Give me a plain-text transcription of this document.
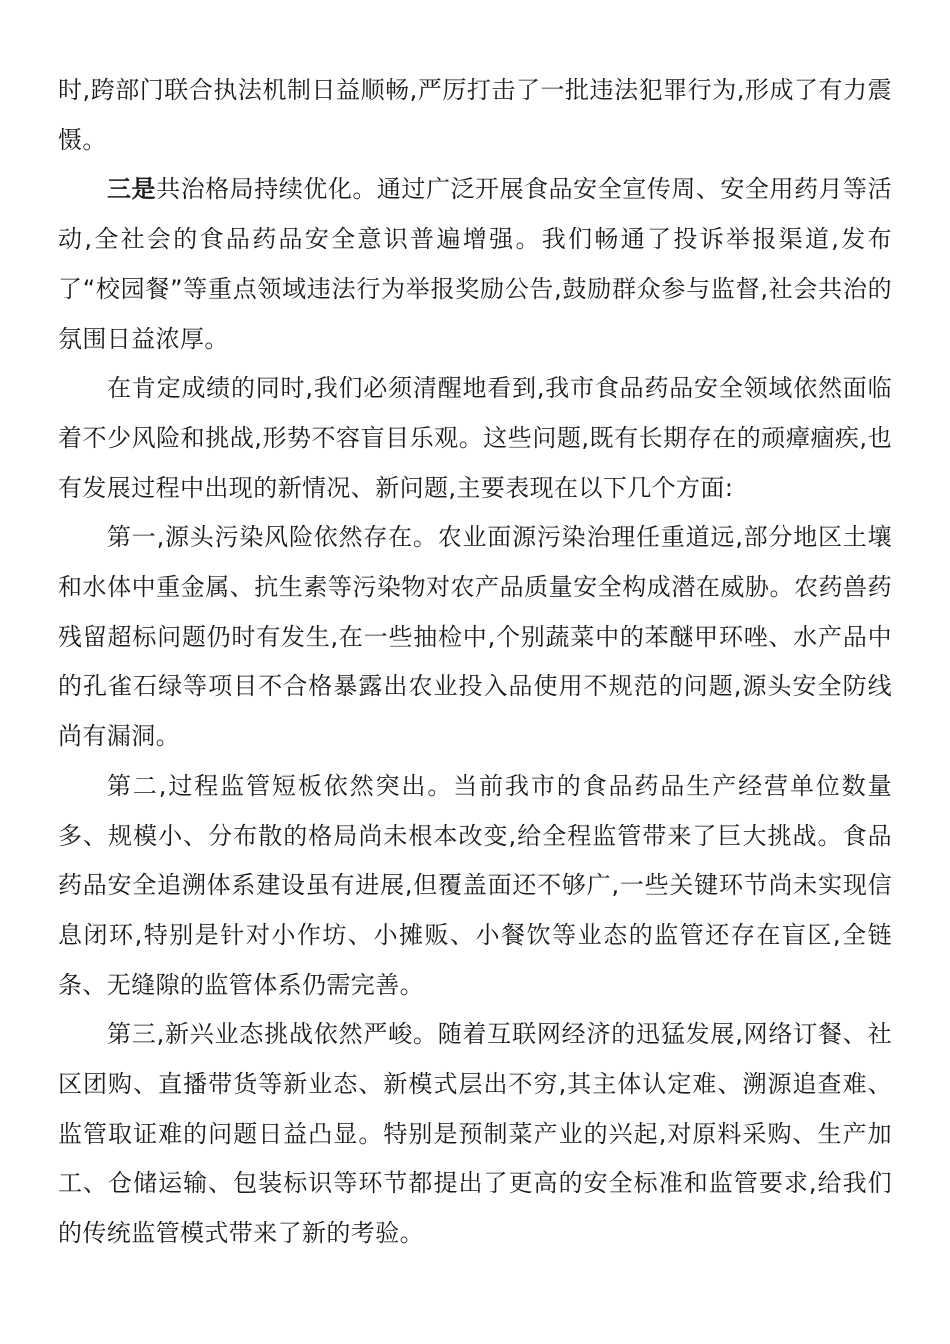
时,跨部门联合执法机制日益顺畅,严厉打击了一批违法犯罪行为,形成了有力震慑。

三是共治格局持续优化。通过广泛开展食品安全宣传周、安全用药月等活动,全社会的食品药品安全意识普遍增强。我们畅通了投诉举报渠道,发布了“校园餐”等重点领域违法行为举报奖励公告,鼓励群众参与监督,社会共治的氛围日益浓厚。

在肯定成绩的同时,我们必须清醒地看到,我市食品药品安全领域依然面临着不少风险和挑战,形势不容盲目乐观。这些问题,既有长期存在的顽瘴痼疾,也有发展过程中出现的新情况、新问题,主要表现在以下几个方面:

第一,源头污染风险依然存在。农业面源污染治理任重道远,部分地区土壤和水体中重金属、抗生素等污染物对农产品质量安全构成潜在威胁。农药兽药残留超标问题仍时有发生,在一些抽检中,个别蔬菜中的苯醚甲环唑、水产品中的孔雀石绿等项目不合格暴露出农业投入品使用不规范的问题,源头安全防线尚有漏洞。

第二,过程监管短板依然突出。当前我市的食品药品生产经营单位数量多、规模小、分布散的格局尚未根本改变,给全程监管带来了巨大挑战。食品药品安全追溯体系建设虽有进展,但覆盖面还不够广,一些关键环节尚未实现信息闭环,特别是针对小作坊、小摊贩、小餐饮等业态的监管还存在盲区,全链条、无缝隙的监管体系仍需完善。

第三,新兴业态挑战依然严峻。随着互联网经济的迅猛发展,网络订餐、社区团购、直播带货等新业态、新模式层出不穷,其主体认定难、溯源追查难、监管取证难的问题日益凸显。特别是预制菜产业的兴起,对原料采购、生产加工、仓储运输、包装标识等环节都提出了更高的安全标准和监管要求,给我们的传统监管模式带来了新的考验。
